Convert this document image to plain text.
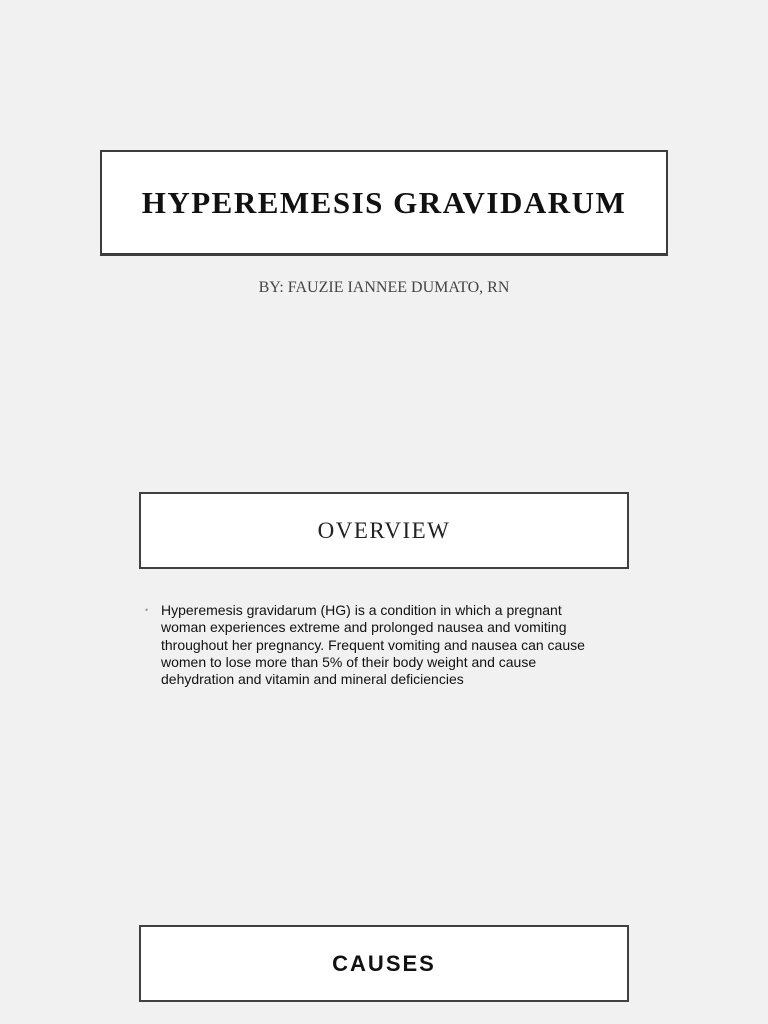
HYPEREMESIS GRAVIDARUM
BY: FAUZIE IANNEE DUMATO, RN
OVERVIEW
• Hyperemesis gravidarum (HG) is a condition in which a pregnant woman experiences extreme and prolonged nausea and vomiting throughout her pregnancy. Frequent vomiting and nausea can cause women to lose more than 5% of their body weight and cause dehydration and vitamin and mineral deficiencies
CAUSES
